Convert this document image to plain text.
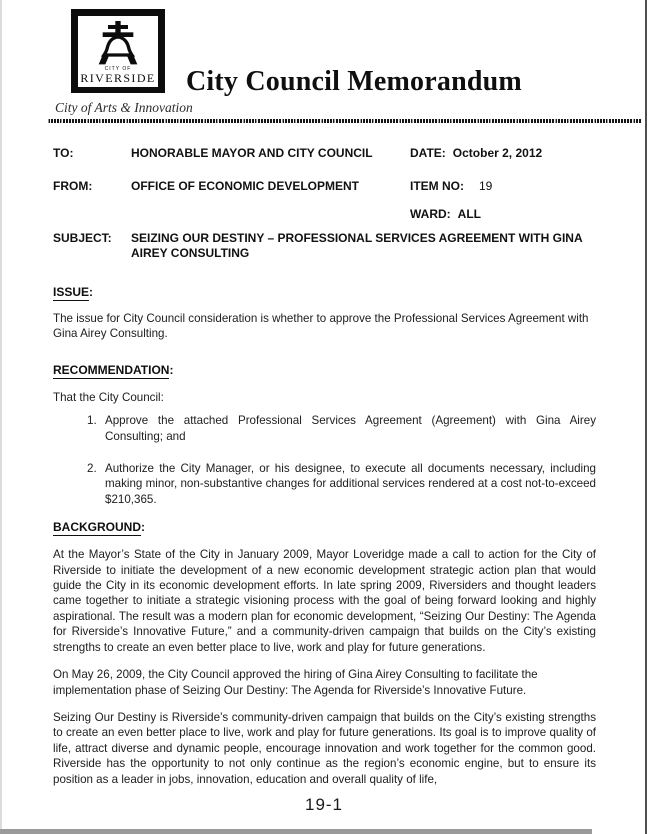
CITY OF
RIVERSIDE
City of Arts & Innovation
City Council Memorandum
TO:	HONORABLE MAYOR AND CITY COUNCIL	DATE: October 2, 2012
FROM:	OFFICE OF ECONOMIC DEVELOPMENT	ITEM NO: 19
WARD: ALL
SUBJECT:	SEIZING OUR DESTINY – PROFESSIONAL SERVICES AGREEMENT WITH GINA AIREY CONSULTING
ISSUE:
The issue for City Council consideration is whether to approve the Professional Services Agreement with Gina Airey Consulting.
RECOMMENDATION:
That the City Council:
1. Approve the attached Professional Services Agreement (Agreement) with Gina Airey Consulting; and
2. Authorize the City Manager, or his designee, to execute all documents necessary, including making minor, non-substantive changes for additional services rendered at a cost not-to-exceed $210,365.
BACKGROUND:
At the Mayor’s State of the City in January 2009, Mayor Loveridge made a call to action for the City of Riverside to initiate the development of a new economic development strategic action plan that would guide the City in its economic development efforts. In late spring 2009, Riversiders and thought leaders came together to initiate a strategic visioning process with the goal of being forward looking and highly aspirational. The result was a modern plan for economic development, “Seizing Our Destiny: The Agenda for Riverside’s Innovative Future,” and a community-driven campaign that builds on the City’s existing strengths to create an even better place to live, work and play for future generations.
On May 26, 2009, the City Council approved the hiring of Gina Airey Consulting to facilitate the implementation phase of Seizing Our Destiny: The Agenda for Riverside’s Innovative Future.
Seizing Our Destiny is Riverside’s community-driven campaign that builds on the City’s existing strengths to create an even better place to live, work and play for future generations. Its goal is to improve quality of life, attract diverse and dynamic people, encourage innovation and work together for the common good. Riverside has the opportunity to not only continue as the region’s economic engine, but to ensure its position as a leader in jobs, innovation, education and overall quality of life,
19-1
